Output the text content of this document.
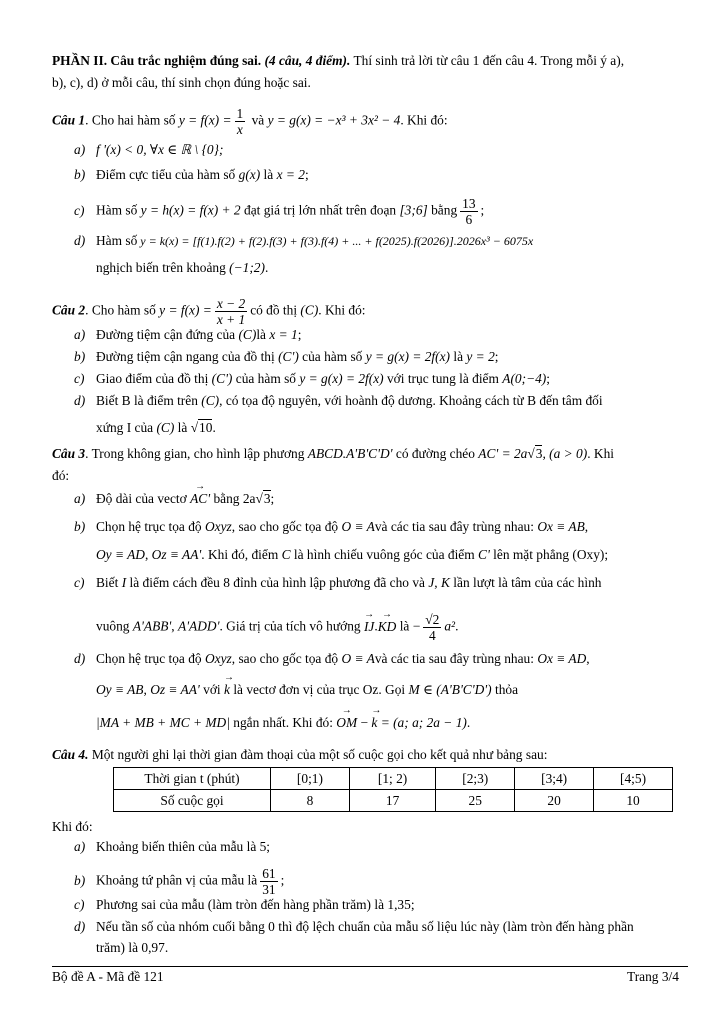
PHẦN II. Câu trắc nghiệm đúng sai. (4 câu, 4 điểm). Thí sinh trả lời từ câu 1 đến câu 4. Trong mỗi ý a),
b), c), d) ở mỗi câu, thí sinh chọn đúng hoặc sai.
Câu 1. Cho hai hàm số $y = f(x) = \frac{1}{x}$ và y = g(x) = −x³ + 3x² − 4. Khi đó:
a) f '(x) < 0, ∀x ∈ ℝ \ {0};
b) Điểm cực tiểu của hàm số g(x) là x = 2;
c) Hàm số y = h(x) = f(x) + 2 đạt giá trị lớn nhất trên đoạn [3;6] bằng $\frac{13}{6}$ ;
d) Hàm số y = k(x) = [f(1).f(2) + f(2).f(3) + f(3).f(4) + ... + f(2025).f(2026)].2026x³ − 6075x
nghịch biến trên khoảng (−1;2).
Câu 2. Cho hàm số $y = f(x) = \frac{x - 2}{x + 1}$ có đồ thị (C). Khi đó:
a) Đường tiệm cận đứng của (C)là x = 1;
b) Đường tiệm cận ngang của đồ thị (C') của hàm số y = g(x) = 2f(x) là y = 2;
c) Giao điểm của đồ thị (C') của hàm số y = g(x) = 2f(x) với trục tung là điểm A(0;−4);
d) Biết B là điểm trên (C), có tọa độ nguyên, với hoành độ dương. Khoảng cách từ B đến tâm đối
xứng I của (C) là √10.
Câu 3. Trong không gian, cho hình lập phương ABCD.A'B'C'D' có đường chéo AC' = 2a√3, (a > 0). Khi
đó:
a) Độ dài của vectơ → AC' bằng 2a√3;
b) Chọn hệ trục tọa độ Oxyz, sao cho gốc tọa độ O ≡ Avà các tia sau đây trùng nhau: Ox ≡ AB,
Oy ≡ AD, Oz ≡ AA'. Khi đó, điểm C là hình chiếu vuông góc của điểm C' lên mặt phẳng (Oxy);
c) Biết I là điểm cách đều 8 đỉnh của hình lập phương đã cho và J, K lần lượt là tâm của các hình
vuông A'ABB', A'ADD'. Giá trị của tích vô hướng → IJ.→ KD là − $\frac{√2}{4} a^2$.
d) Chọn hệ trục tọa độ Oxyz, sao cho gốc tọa độ O ≡ Avà các tia sau đây trùng nhau: Ox ≡ AD,
Oy ≡ AB, Oz ≡ AA' với → k là vectơ đơn vị của trục Oz. Gọi M ∈ (A'B'C'D') thỏa
|MA + MB + MC + MD| ngắn nhất. Khi đó: → OM − → k = (a; a; 2a − 1).
Câu 4. Một người ghi lại thời gian đàm thoại của một số cuộc gọi cho kết quả như bảng sau:
Thời gian t (phút)	[0;1)	[1; 2)	[2;3)	[3;4)	[4;5)
Số cuộc gọi	8	17	25	20	10
Khi đó:
a) Khoảng biến thiên của mẫu là 5;
b) Khoảng tứ phân vị của mẫu là $\frac{61}{31}$ ;
c) Phương sai của mẫu (làm tròn đến hàng phần trăm) là 1,35;
d) Nếu tần số của nhóm cuối bằng 0 thì độ lệch chuẩn của mẫu số liệu lúc này (làm tròn đến hàng phần
trăm) là 0,97.
Bộ đề A - Mã đề 121	Trang 3/4
